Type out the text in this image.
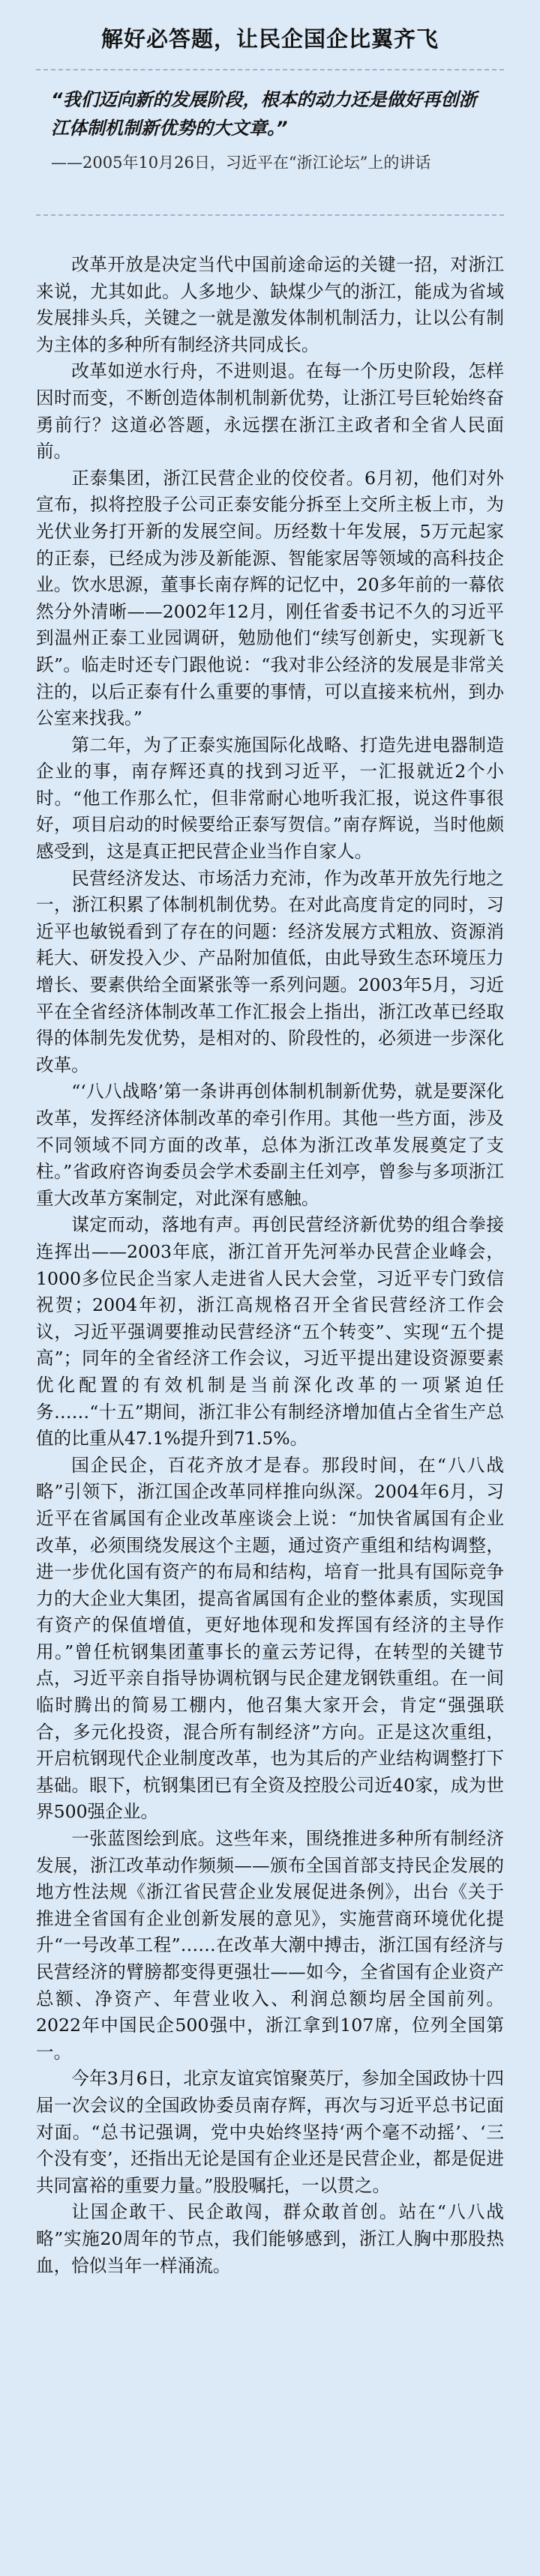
解好必答题，让民企国企比翼齐飞

“我们迈向新的发展阶段，根本的动力还是做好再创浙江体制机制新优势的大文章。”

——2005年10月26日，习近平在“浙江论坛”上的讲话

改革开放是决定当代中国前途命运的关键一招，对浙江来说，尤其如此。人多地少、缺煤少气的浙江，能成为省域发展排头兵，关键之一就是激发体制机制活力，让以公有制为主体的多种所有制经济共同成长。

改革如逆水行舟，不进则退。在每一个历史阶段，怎样因时而变，不断创造体制机制新优势，让浙江号巨轮始终奋勇前行？这道必答题，永远摆在浙江主政者和全省人民面前。

正泰集团，浙江民营企业的佼佼者。6月初，他们对外宣布，拟将控股子公司正泰安能分拆至上交所主板上市，为光伏业务打开新的发展空间。历经数十年发展，5万元起家的正泰，已经成为涉及新能源、智能家居等领域的高科技企业。饮水思源，董事长南存辉的记忆中，20多年前的一幕依然分外清晰——2002年12月，刚任省委书记不久的习近平到温州正泰工业园调研，勉励他们“续写创新史，实现新飞跃”。临走时还专门跟他说：“我对非公经济的发展是非常关注的，以后正泰有什么重要的事情，可以直接来杭州，到办公室来找我。”

第二年，为了正泰实施国际化战略、打造先进电器制造企业的事，南存辉还真的找到习近平，一汇报就近2个小时。“他工作那么忙，但非常耐心地听我汇报，说这件事很好，项目启动的时候要给正泰写贺信。”南存辉说，当时他颇感受到，这是真正把民营企业当作自家人。

民营经济发达、市场活力充沛，作为改革开放先行地之一，浙江积累了体制机制优势。在对此高度肯定的同时，习近平也敏锐看到了存在的问题：经济发展方式粗放、资源消耗大、研发投入少、产品附加值低，由此导致生态环境压力增长、要素供给全面紧张等一系列问题。2003年5月，习近平在全省经济体制改革工作汇报会上指出，浙江改革已经取得的体制先发优势，是相对的、阶段性的，必须进一步深化改革。

“‘八八战略’第一条讲再创体制机制新优势，就是要深化改革，发挥经济体制改革的牵引作用。其他一些方面，涉及不同领域不同方面的改革，总体为浙江改革发展奠定了支柱。”省政府咨询委员会学术委副主任刘亭，曾参与多项浙江重大改革方案制定，对此深有感触。

谋定而动，落地有声。再创民营经济新优势的组合拳接连挥出——2003年底，浙江首开先河举办民营企业峰会，1000多位民企当家人走进省人民大会堂，习近平专门致信祝贺；2004年初，浙江高规格召开全省民营经济工作会议，习近平强调要推动民营经济“五个转变”、实现“五个提高”；同年的全省经济工作会议，习近平提出建设资源要素优化配置的有效机制是当前深化改革的一项紧迫任务……“十五”期间，浙江非公有制经济增加值占全省生产总值的比重从47.1%提升到71.5%。

国企民企，百花齐放才是春。那段时间，在“八八战略”引领下，浙江国企改革同样推向纵深。2004年6月，习近平在省属国有企业改革座谈会上说：“加快省属国有企业改革，必须围绕发展这个主题，通过资产重组和结构调整，进一步优化国有资产的布局和结构，培育一批具有国际竞争力的大企业大集团，提高省属国有企业的整体素质，实现国有资产的保值增值，更好地体现和发挥国有经济的主导作用。”曾任杭钢集团董事长的童云芳记得，在转型的关键节点，习近平亲自指导协调杭钢与民企建龙钢铁重组。在一间临时腾出的简易工棚内，他召集大家开会，肯定“强强联合，多元化投资，混合所有制经济”方向。正是这次重组，开启杭钢现代企业制度改革，也为其后的产业结构调整打下基础。眼下，杭钢集团已有全资及控股公司近40家，成为世界500强企业。

一张蓝图绘到底。这些年来，围绕推进多种所有制经济发展，浙江改革动作频频——颁布全国首部支持民企发展的地方性法规《浙江省民营企业发展促进条例》，出台《关于推进全省国有企业创新发展的意见》，实施营商环境优化提升“一号改革工程”……在改革大潮中搏击，浙江国有经济与民营经济的臂膀都变得更强壮——如今，全省国有企业资产总额、净资产、年营业收入、利润总额均居全国前列。2022年中国民企500强中，浙江拿到107席，位列全国第一。

今年3月6日，北京友谊宾馆聚英厅，参加全国政协十四届一次会议的全国政协委员南存辉，再次与习近平总书记面对面。“总书记强调，党中央始终坚持‘两个毫不动摇’、‘三个没有变’，还指出无论是国有企业还是民营企业，都是促进共同富裕的重要力量。”股股嘱托，一以贯之。

让国企敢干、民企敢闯，群众敢首创。站在“八八战略”实施20周年的节点，我们能够感到，浙江人胸中那股热血，恰似当年一样涌流。
